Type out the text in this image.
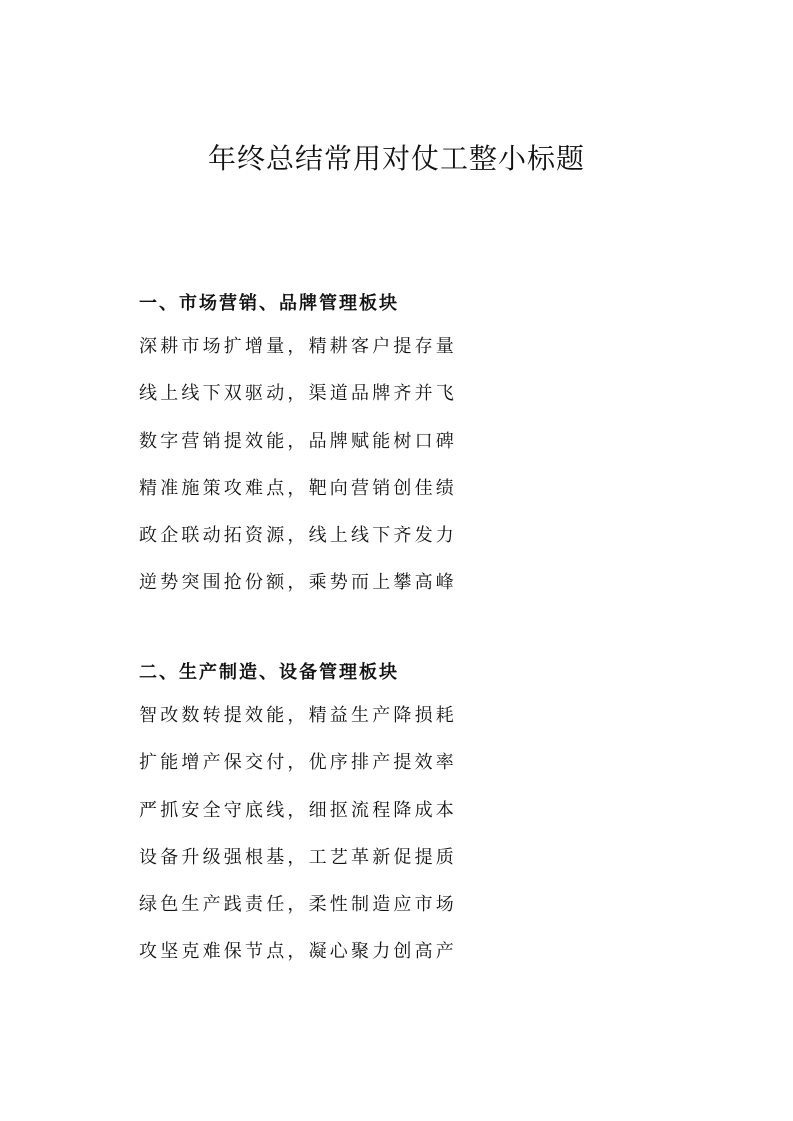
年终总结常用对仗工整小标题
一、市场营销、品牌管理板块
深耕市场扩增量，精耕客户提存量
线上线下双驱动，渠道品牌齐并飞
数字营销提效能，品牌赋能树口碑
精准施策攻难点，靶向营销创佳绩
政企联动拓资源，线上线下齐发力
逆势突围抢份额，乘势而上攀高峰
二、生产制造、设备管理板块
智改数转提效能，精益生产降损耗
扩能增产保交付，优序排产提效率
严抓安全守底线，细抠流程降成本
设备升级强根基，工艺革新促提质
绿色生产践责任，柔性制造应市场
攻坚克难保节点，凝心聚力创高产
